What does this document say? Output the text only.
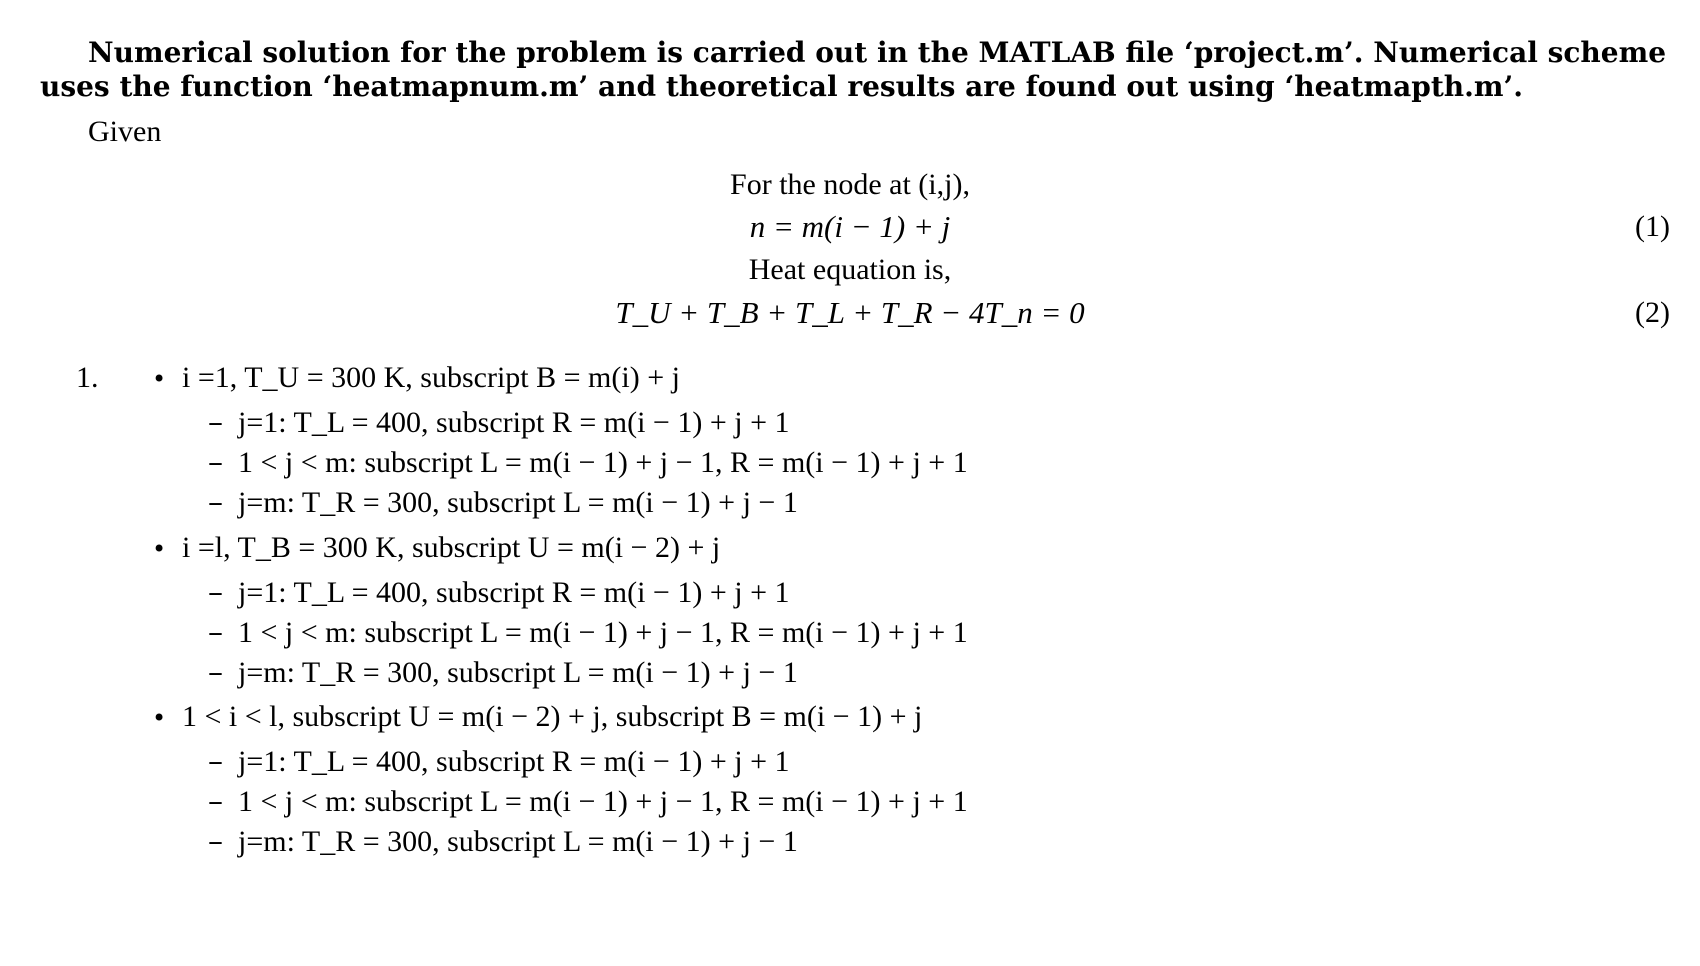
Numerical solution for the problem is carried out in the MATLAB file ‘project.m’. Numerical scheme

uses the function ‘heatmapnum.m’ and theoretical results are found out using ‘heatmapth.m’.

Given
For the node at (i,j),
n = m(i − 1) + j	(1)
Heat equation is,
T_U + T_B + T_L + T_R − 4T_n = 0	(2)
1. • i =1, T_U = 300 K, subscript B = m(i) + j
– j=1: T_L = 400, subscript R = m(i − 1) + j + 1
– 1 < j < m: subscript L = m(i − 1) + j − 1, R = m(i − 1) + j + 1
– j=m: T_R = 300, subscript L = m(i − 1) + j − 1
• i =l, T_B = 300 K, subscript U = m(i − 2) + j
– j=1: T_L = 400, subscript R = m(i − 1) + j + 1
– 1 < j < m: subscript L = m(i − 1) + j − 1, R = m(i − 1) + j + 1
– j=m: T_R = 300, subscript L = m(i − 1) + j − 1
• 1 < i < l, subscript U = m(i − 2) + j, subscript B = m(i − 1) + j
– j=1: T_L = 400, subscript R = m(i − 1) + j + 1
– 1 < j < m: subscript L = m(i − 1) + j − 1, R = m(i − 1) + j + 1
– j=m: T_R = 300, subscript L = m(i − 1) + j − 1
